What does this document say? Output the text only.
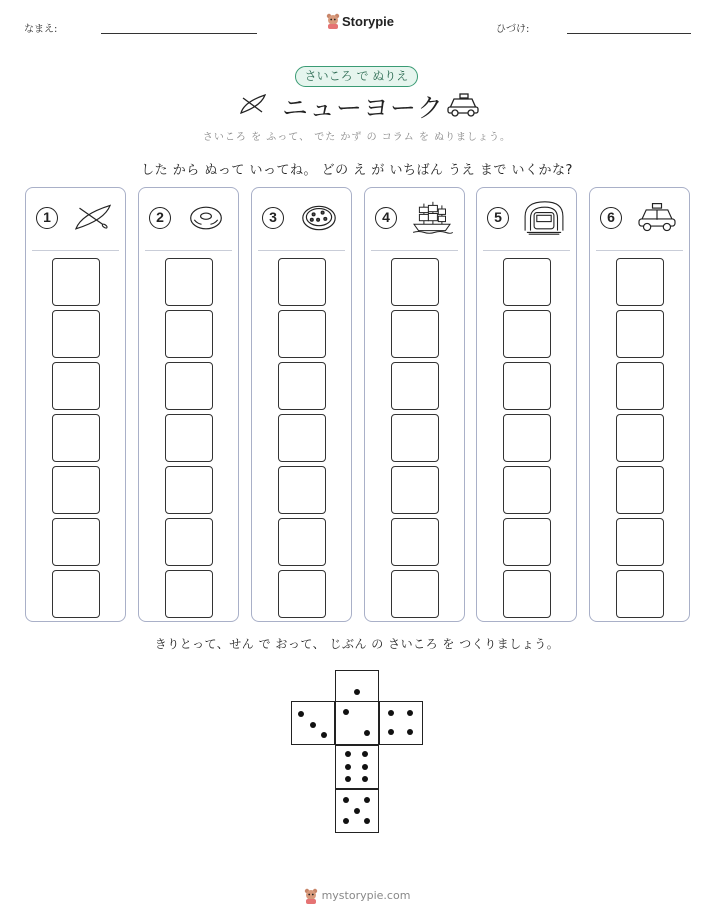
なまえ:
Storypie
ひづけ:
さいころ で ぬりえ
ニューヨーク
さいころ を ふって、 でた かず の コラム を ぬりましょう。
した から ぬって いってね。 どの え が いちばん うえ まで いくかな?
1	2	3	4	5	6
きりとって、せん で おって、 じぶん の さいころ を つくりましょう。
mystorypie.com
